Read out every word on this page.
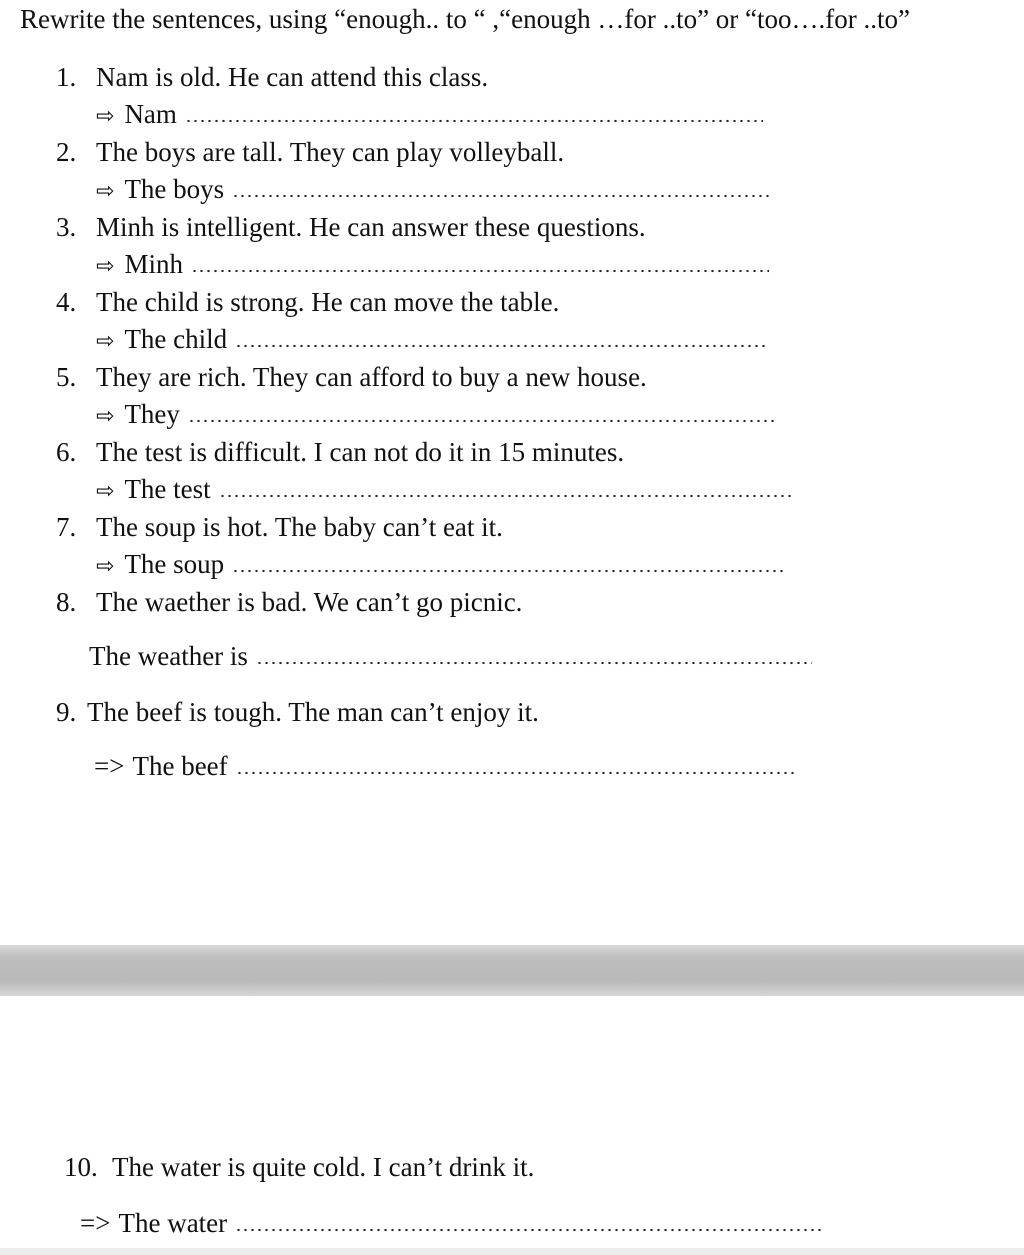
Rewrite the sentences, using “enough.. to “ ,“enough …for ..to” or “too….for ..to”
1. Nam is old. He can attend this class.
⇨ Nam
2. The boys are tall. They can play volleyball.
⇨ The boys
3. Minh is intelligent. He can answer these questions.
⇨ Minh
4. The child is strong. He can move the table.
⇨ The child
5. They are rich. They can afford to buy a new house.
⇨ They
6. The test is difficult. I can not do it in 15 minutes.
⇨ The test
7. The soup is hot. The baby can’t eat it.
⇨ The soup
8. The waether is bad. We can’t go picnic.
The weather is
9. The beef is tough. The man can’t enjoy it.
=> The beef
10. The water is quite cold. I can’t drink it.
=> The water
